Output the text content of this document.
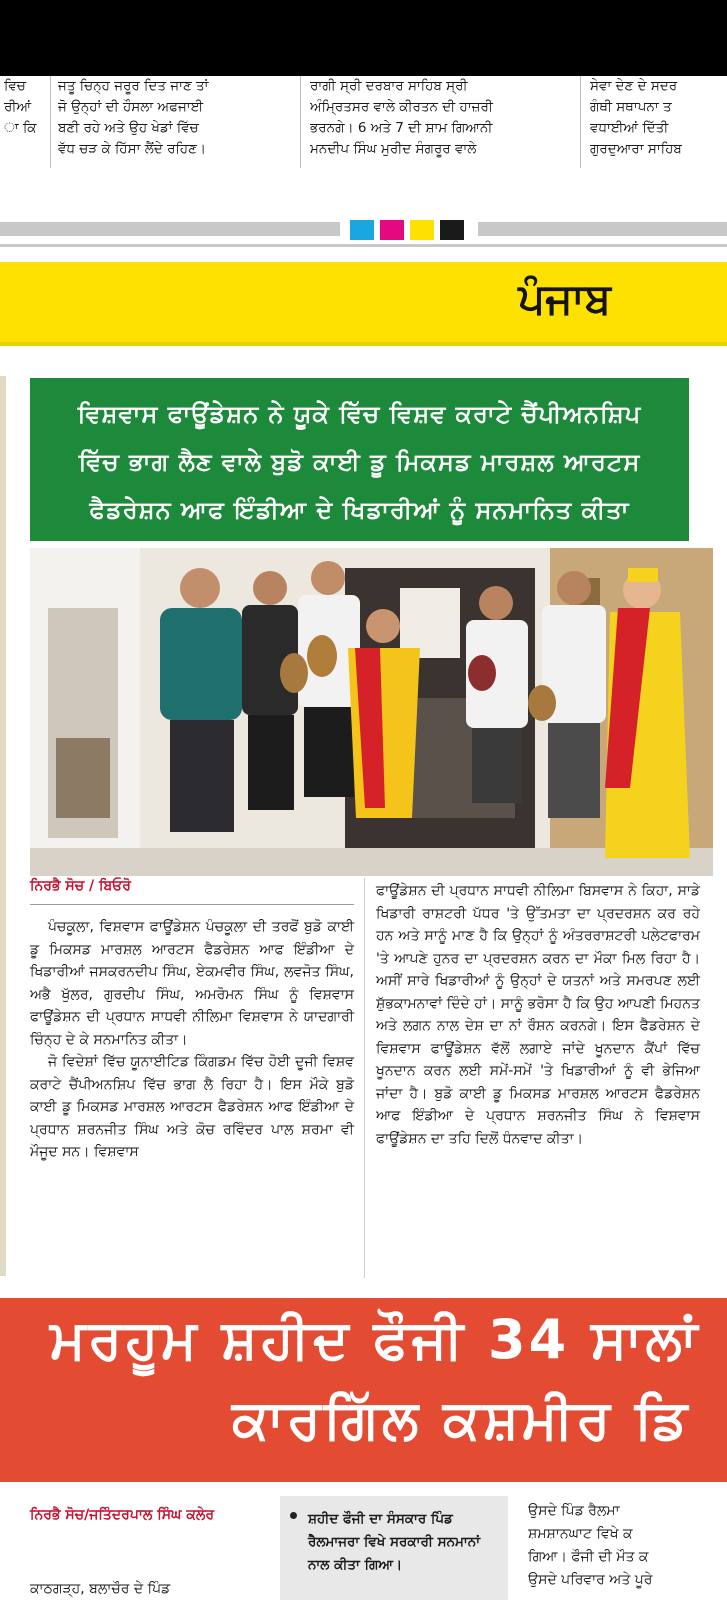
ਵਿਚ
ਰੀਆਂ
ਾ ਕਿ
ਜਤੂ ਚਿਨ੍ਹ ਜਰੂਰ ਦਿਤ ਜਾਣ ਤਾਂ
ਜੋ ਉਨ੍ਹਾਂ ਦੀ ਹੌਸਲਾ ਅਫਜਾਈ
ਬਣੀ ਰਹੇ ਅਤੇ ਉਹ ਖੇਡਾਂ ਵਿੱਚ
ਵੱਧ ਚੜ ਕੇ ਹਿੱਸਾ ਲੈਂਦੇ ਰਹਿਣ।
ਰਾਗੀ ਸ੍ਰੀ ਦਰਬਾਰ ਸਾਹਿਬ ਸ੍ਰੀ
ਅੰਮ੍ਰਿਤਸਰ ਵਾਲੇ ਕੀਰਤਨ ਦੀ ਹਾਜ਼ਰੀ
ਭਰਨਗੇ। 6 ਅਤੇ 7 ਦੀ ਸ਼ਾਮ ਗਿਆਨੀ
ਮਨਦੀਪ ਸਿੰਘ ਮੁਰੀਦ ਸੰਗਰੂਰ ਵਾਲੇ
ਸੇਵਾ ਦੇਣ ਦੇ ਸਦਰ
ਗੰਥੀ ਸਥਾਪਨਾ ਤ
ਵਧਾਈਆਂ ਦਿੱਤੀ
ਗੁਰਦੁਆਰਾ ਸਾਹਿਬ
ਪੰਜਾਬ
ਵਿਸ਼ਵਾਸ ਫਾਊਂਡੇਸ਼ਨ ਨੇ ਯੂਕੇ ਵਿੱਚ ਵਿਸ਼ਵ ਕਰਾਟੇ ਚੈਂਪੀਅਨਸ਼ਿਪ
ਵਿੱਚ ਭਾਗ ਲੈਣ ਵਾਲੇ ਬੁਡੋ ਕਾਈ ਡੂ ਮਿਕਸਡ ਮਾਰਸ਼ਲ ਆਰਟਸ
ਫੈਡਰੇਸ਼ਨ ਆਫ ਇੰਡੀਆ ਦੇ ਖਿਡਾਰੀਆਂ ਨੂੰ ਸਨਮਾਨਿਤ ਕੀਤਾ
ਨਿਰਭੈ ਸੋਚ / ਬਿਓਰੋ

ਪੰਚਕੂਲਾ, ਵਿਸ਼ਵਾਸ ਫਾਊਂਡੇਸ਼ਨ ਪੰਚਕੂਲਾ ਦੀ ਤਰਫੋਂ ਬੁਡੋ ਕਾਈ ਡੂ ਮਿਕਸਡ ਮਾਰਸ਼ਲ ਆਰਟਸ ਫੈਡਰੇਸ਼ਨ ਆਫ ਇੰਡੀਆ ਦੇ ਖਿਡਾਰੀਆਂ ਜਸਕਰਨਦੀਪ ਸਿੰਘ, ਏਕਮਵੀਰ ਸਿੰਘ, ਲਵਜੋਤ ਸਿੰਘ, ਅਭੈ ਖੁੱਲਰ, ਗੁਰਦੀਪ ਸਿੰਘ, ਅਮਰੋਮਨ ਸਿੰਘ ਨੂੰ ਵਿਸ਼ਵਾਸ ਫਾਊਂਡੇਸ਼ਨ ਦੀ ਪ੍ਰਧਾਨ ਸਾਧਵੀ ਨੀਲਿਮਾ ਵਿਸ਼ਵਾਸ ਨੇ ਯਾਦਗਾਰੀ ਚਿੰਨ੍ਹ ਦੇ ਕੇ ਸਨਮਾਨਿਤ ਕੀਤਾ।

ਜੋ ਵਿਦੇਸ਼ਾਂ ਵਿੱਚ ਯੂਨਾਈਟਿਡ ਕਿੰਗਡਮ ਵਿੱਚ ਹੋਈ ਦੂਜੀ ਵਿਸ਼ਵ ਕਰਾਟੇ ਚੈਂਪੀਅਨਸ਼ਿਪ ਵਿੱਚ ਭਾਗ ਲੈ ਰਿਹਾ ਹੈ। ਇਸ ਮੌਕੇ ਬੁਡੋ ਕਾਈ ਡੂ ਮਿਕਸਡ ਮਾਰਸ਼ਲ ਆਰਟਸ ਫੈਡਰੇਸ਼ਨ ਆਫ ਇੰਡੀਆ ਦੇ ਪ੍ਰਧਾਨ ਸ਼ਰਨਜੀਤ ਸਿੰਘ ਅਤੇ ਕੋਚ ਰਵਿੰਦਰ ਪਾਲ ਸ਼ਰਮਾ ਵੀ ਮੌਜੂਦ ਸਨ। ਵਿਸ਼ਵਾਸ

ਫਾਊਂਡੇਸ਼ਨ ਦੀ ਪ੍ਰਧਾਨ ਸਾਧਵੀ ਨੀਲਿਮਾ ਬਿਸਵਾਸ ਨੇ ਕਿਹਾ, ਸਾਡੇ ਖਿਡਾਰੀ ਰਾਸ਼ਟਰੀ ਪੱਧਰ 'ਤੇ ਉੱਤਮਤਾ ਦਾ ਪ੍ਰਦਰਸ਼ਨ ਕਰ ਰਹੇ ਹਨ ਅਤੇ ਸਾਨੂੰ ਮਾਣ ਹੈ ਕਿ ਉਨ੍ਹਾਂ ਨੂੰ ਅੰਤਰਰਾਸ਼ਟਰੀ ਪਲੇਟਫਾਰਮ 'ਤੇ ਆਪਣੇ ਹੁਨਰ ਦਾ ਪ੍ਰਦਰਸ਼ਨ ਕਰਨ ਦਾ ਮੌਕਾ ਮਿਲ ਰਿਹਾ ਹੈ। ਅਸੀਂ ਸਾਰੇ ਖਿਡਾਰੀਆਂ ਨੂੰ ਉਨ੍ਹਾਂ ਦੇ ਯਤਨਾਂ ਅਤੇ ਸਮਰਪਣ ਲਈ ਸ਼ੁੱਭਕਾਮਨਾਵਾਂ ਦਿੰਦੇ ਹਾਂ। ਸਾਨੂੰ ਭਰੋਸਾ ਹੈ ਕਿ ਉਹ ਆਪਣੀ ਮਿਹਨਤ ਅਤੇ ਲਗਨ ਨਾਲ ਦੇਸ਼ ਦਾ ਨਾਂ ਰੌਸ਼ਨ ਕਰਨਗੇ। ਇਸ ਫੈਡਰੇਸ਼ਨ ਦੇ ਵਿਸ਼ਵਾਸ ਫਾਊਂਡੇਸ਼ਨ ਵੱਲੋਂ ਲਗਾਏ ਜਾਂਦੇ ਖੂਨਦਾਨ ਕੈਂਪਾਂ ਵਿੱਚ ਖੂਨਦਾਨ ਕਰਨ ਲਈ ਸਮੇਂ-ਸਮੇਂ 'ਤੇ ਖਿਡਾਰੀਆਂ ਨੂੰ ਵੀ ਭੇਜਿਆ ਜਾਂਦਾ ਹੈ। ਬੁਡੋ ਕਾਈ ਡੂ ਮਿਕਸਡ ਮਾਰਸ਼ਲ ਆਰਟਸ ਫੈਡਰੇਸ਼ਨ ਆਫ ਇੰਡੀਆ ਦੇ ਪ੍ਰਧਾਨ ਸ਼ਰਨਜੀਤ ਸਿੰਘ ਨੇ ਵਿਸ਼ਵਾਸ ਫਾਊਂਡੇਸ਼ਨ ਦਾ ਤਹਿ ਦਿਲੋਂ ਧੰਨਵਾਦ ਕੀਤਾ।

ਮਰਹੂਮ ਸ਼ਹੀਦ ਫੌਜੀ 34 ਸਾਲਾਂ
ਕਾਰਗਿੱਲ ਕਸ਼ਮੀਰ ਡਿ
ਨਿਰਭੈ ਸੋਚ/ਜਤਿੰਦਰਪਾਲ ਸਿੰਘ ਕਲੇਰ
ਕਾਠਗੜ੍ਹ, ਬਲਾਚੌਰ ਦੇ ਪਿੰਡ
ਸ਼ਹੀਦ ਫੌਜੀ ਦਾ ਸੰਸਕਾਰ ਪਿੰਡ ਰੈਲਮਾਜਰਾ ਵਿਖੇ ਸਰਕਾਰੀ ਸਨਮਾਨਾਂ ਨਾਲ ਕੀਤਾ ਗਿਆ।
ਉਸਦੇ ਪਿੰਡ ਰੈਲਮਾ
ਸ਼ਮਸ਼ਾਨਘਾਟ ਵਿਖੇ ਕ
ਗਿਆ। ਫੌਜੀ ਦੀ ਮੌਤ ਕ
ਉਸਦੇ ਪਰਿਵਾਰ ਅਤੇ ਪੂਰੇ
